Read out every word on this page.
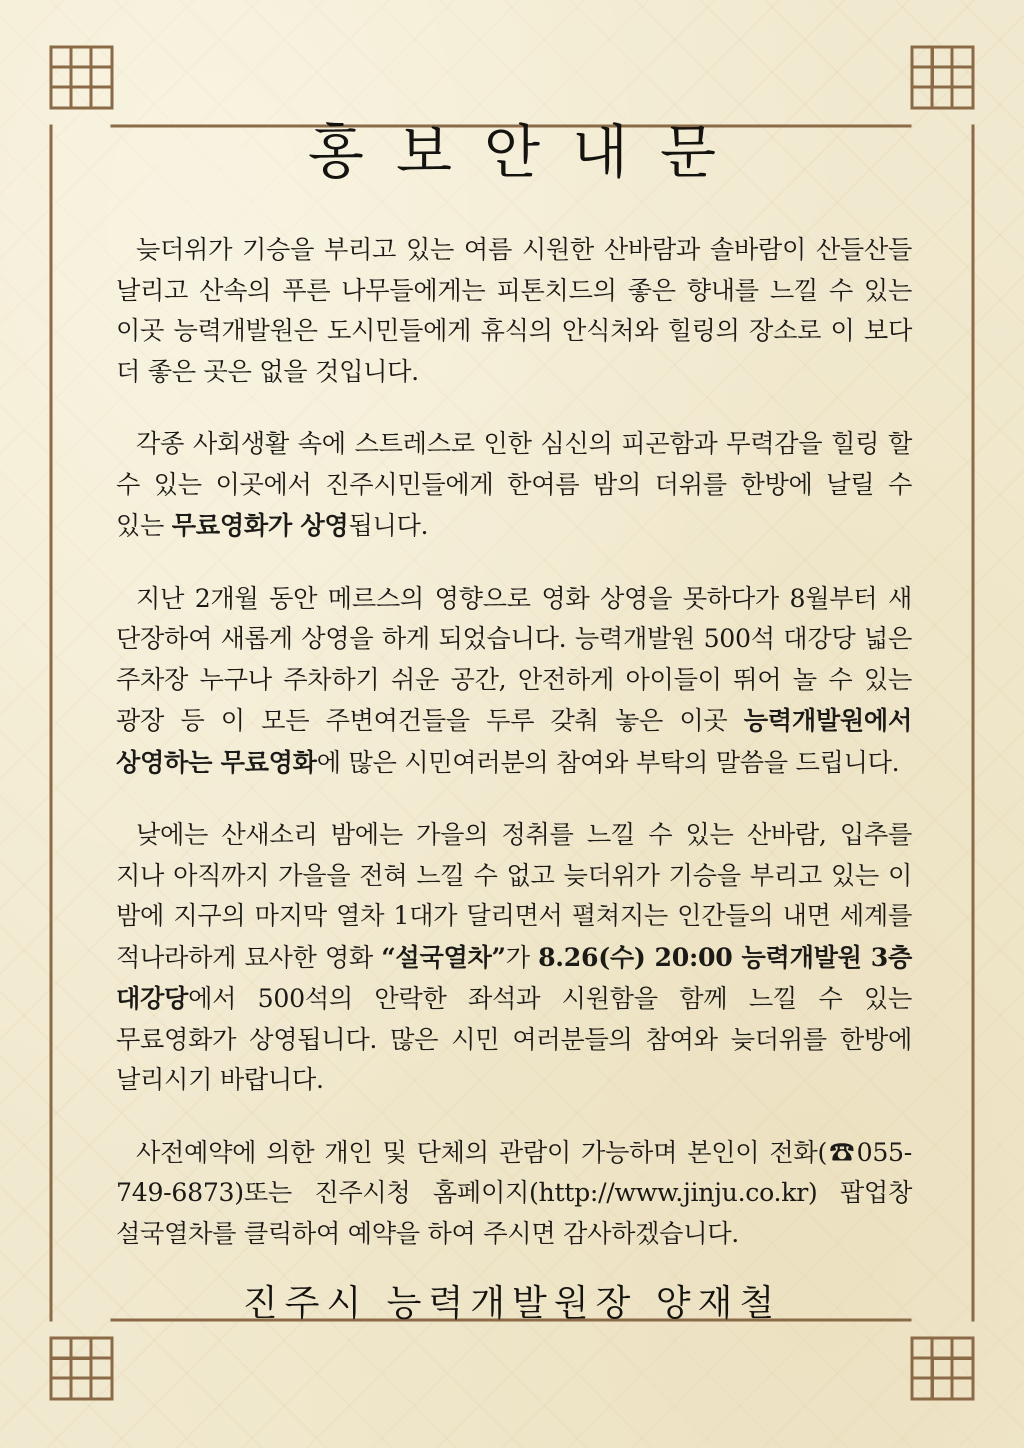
홍보안내문

늦더위가 기승을 부리고 있는 여름 시원한 산바람과 솔바람이 산들산들 날리고 산속의 푸른 나무들에게는 피톤치드의 좋은 향내를 느낄 수 있는 이곳 능력개발원은 도시민들에게 휴식의 안식처와 힐링의 장소로 이 보다 더 좋은 곳은 없을 것입니다.

각종 사회생활 속에 스트레스로 인한 심신의 피곤함과 무력감을 힐링 할 수 있는 이곳에서 진주시민들에게 한여름 밤의 더위를 한방에 날릴 수 있는 무료영화가 상영됩니다.

지난 2개월 동안 메르스의 영향으로 영화 상영을 못하다가 8월부터 새 단장하여 새롭게 상영을 하게 되었습니다. 능력개발원 500석 대강당 넓은 주차장 누구나 주차하기 쉬운 공간, 안전하게 아이들이 뛰어 놀 수 있는 광장 등 이 모든 주변여건들을 두루 갖춰 놓은 이곳 능력개발원에서 상영하는 무료영화에 많은 시민여러분의 참여와 부탁의 말씀을 드립니다.

낮에는 산새소리 밤에는 가을의 정취를 느낄 수 있는 산바람, 입추를 지나 아직까지 가을을 전혀 느낄 수 없고 늦더위가 기승을 부리고 있는 이 밤에 지구의 마지막 열차 1대가 달리면서 펼쳐지는 인간들의 내면 세계를 적나라하게 묘사한 영화 “설국열차”가 8.26(수) 20:00 능력개발원 3층 대강당에서 500석의 안락한 좌석과 시원함을 함께 느낄 수 있는 무료영화가 상영됩니다. 많은 시민 여러분들의 참여와 늦더위를 한방에 날리시기 바랍니다.

사전예약에 의한 개인 및 단체의 관람이 가능하며 본인이 전화(☎055-749-6873)또는 진주시청 홈페이지(http://www.jinju.co.kr) 팝업창 설국열차를 클릭하여 예약을 하여 주시면 감사하겠습니다.

진주시 능력개발원장 양재철
